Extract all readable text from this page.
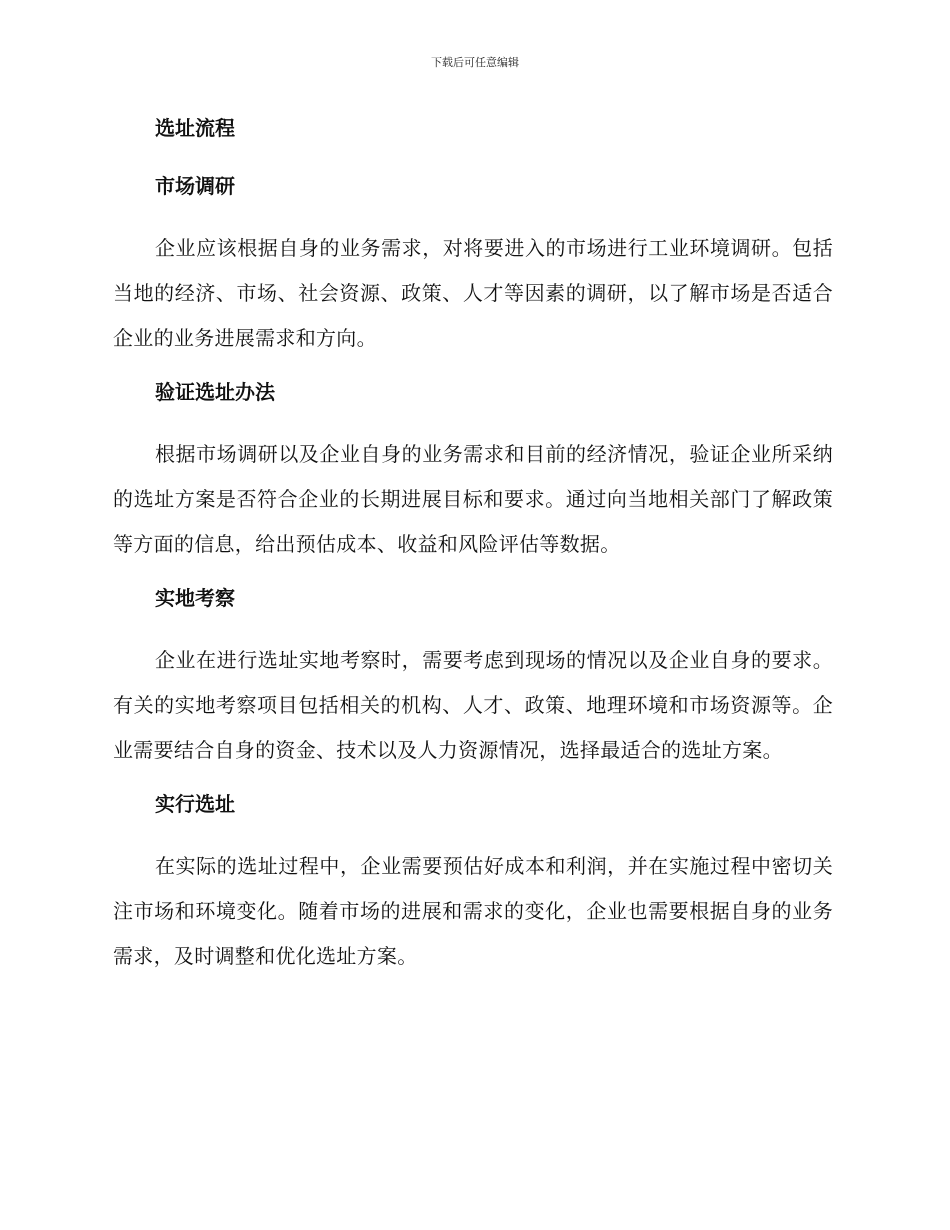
下载后可任意编辑
选址流程
市场调研
企业应该根据自身的业务需求，对将要进入的市场进行工业环境调研。包括当地的经济、市场、社会资源、政策、人才等因素的调研，以了解市场是否适合企业的业务进展需求和方向。
验证选址办法
根据市场调研以及企业自身的业务需求和目前的经济情况，验证企业所采纳的选址方案是否符合企业的长期进展目标和要求。通过向当地相关部门了解政策等方面的信息，给出预估成本、收益和风险评估等数据。
实地考察
企业在进行选址实地考察时，需要考虑到现场的情况以及企业自身的要求。有关的实地考察项目包括相关的机构、人才、政策、地理环境和市场资源等。企业需要结合自身的资金、技术以及人力资源情况，选择最适合的选址方案。
实行选址
在实际的选址过程中，企业需要预估好成本和利润，并在实施过程中密切关注市场和环境变化。随着市场的进展和需求的变化，企业也需要根据自身的业务需求，及时调整和优化选址方案。
